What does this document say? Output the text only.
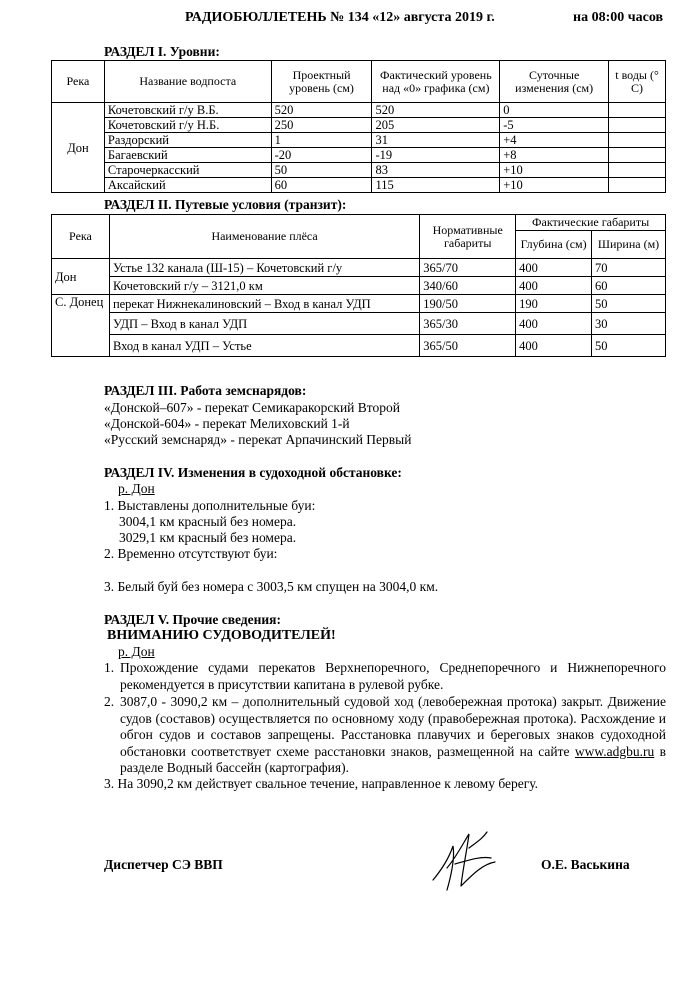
РАДИОБЮЛЛЕТЕНЬ № 134 «12» августа 2019 г.	на 08:00 часов
РАЗДЕЛ I. Уровни:
Река	Название водпоста	Проектный уровень (см)	Фактический уровень над «0» графика (см)	Суточные изменения (см)	t воды (° C)
Дон	Кочетовский г/у В.Б.	520	520	0	
	Кочетовский г/у Н.Б.	250	205	-5	
	Раздорский	1	31	+4	
	Багаевский	-20	-19	+8	
	Старочеркасский	50	83	+10	
	Аксайский	60	115	+10	
РАЗДЕЛ II. Путевые условия (транзит):
Река	Наименование плёса	Нормативные габариты	Фактические габариты	
			Глубина (см)	Ширина (м)
Дон	Устье 132 канала (Ш-15) – Кочетовский г/у	365/70	400	70
	Кочетовский г/у – 3121,0 км	340/60	400	60
С. Донец	перекат Нижнекалиновский – Вход в канал УДП	190/50	190	50
	УДП – Вход в канал УДП	365/30	400	30
	Вход в канал УДП – Устье	365/50	400	50
РАЗДЕЛ III. Работа земснарядов:
«Донской–607» - перекат Семикаракорский Второй
«Донской-604» - перекат Мелиховский 1-й
«Русский земснаряд» - перекат Арпачинский Первый
РАЗДЕЛ IV. Изменения в судоходной обстановке:
р. Дон
1. Выставлены дополнительные буи:
3004,1 км красный без номера.
3029,1 км красный без номера.
2. Временно отсутствуют буи:
3. Белый буй без номера с 3003,5 км спущен на 3004,0 км.
РАЗДЕЛ V. Прочие сведения:
ВНИМАНИЮ СУДОВОДИТЕЛЕЙ!
р. Дон
1. Прохождение судами перекатов Верхнепоречного, Среднепоречного и Нижнепоречного рекомендуется в присутствии капитана в рулевой рубке.
2. 3087,0 - 3090,2 км – дополнительный судовой ход (левобережная протока) закрыт. Движение судов (составов) осуществляется по основному ходу (правобережная протока). Расхождение и обгон судов и составов запрещены. Расстановка плавучих и береговых знаков судоходной обстановки соответствует схеме расстановки знаков, размещенной на сайте www.adgbu.ru в разделе Водный бассейн (картография).
3. На 3090,2 км действует свальное течение, направленное к левому берегу.
Диспетчер СЭ ВВП	О.Е. Васькина
